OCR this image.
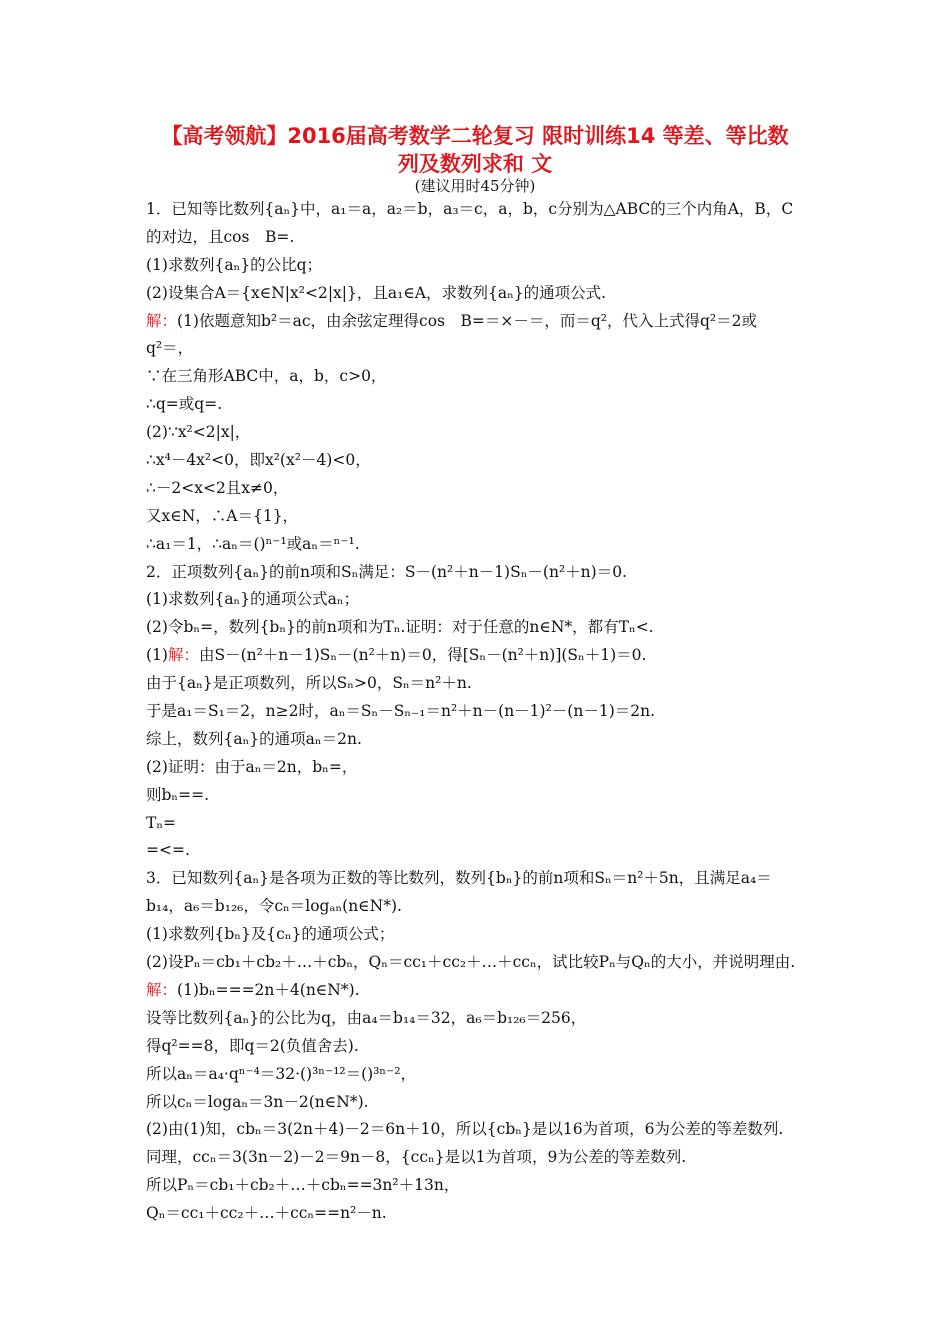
【高考领航】2016届高考数学二轮复习 限时训练14 等差、等比数
列及数列求和 文
(建议用时45分钟)
1．已知等比数列{aₙ}中，a₁＝a，a₂＝b，a₃＝c，a，b，c分别为△ABC的三个内角A，B，C
的对边，且cos　B=.
(1)求数列{aₙ}的公比q；
(2)设集合A＝{x∈N|x²<2|x|}，且a₁∈A，求数列{aₙ}的通项公式.
解：(1)依题意知b²＝ac，由余弦定理得cos　B=＝×－＝，而＝q²，代入上式得q²＝2或
q²＝，
∵在三角形ABC中，a，b，c>0，
∴q=或q=.
(2)∵x²<2|x|，
∴x⁴－4x²<0，即x²(x²－4)<0，
∴－2<x<2且x≠0，
又x∈N，∴A＝{1}，
∴a₁＝1，∴aₙ＝()ⁿ⁻¹或aₙ＝ⁿ⁻¹.
2．正项数列{aₙ}的前n项和Sₙ满足：S－(n²＋n－1)Sₙ－(n²＋n)＝0.
(1)求数列{aₙ}的通项公式aₙ；
(2)令bₙ=，数列{bₙ}的前n项和为Tₙ.证明：对于任意的n∈N*，都有Tₙ<.
(1)解：由S－(n²＋n－1)Sₙ－(n²＋n)＝0，得[Sₙ－(n²＋n)](Sₙ＋1)＝0.
由于{aₙ}是正项数列，所以Sₙ>0，Sₙ＝n²＋n.
于是a₁＝S₁＝2，n≥2时，aₙ＝Sₙ－Sₙ₋₁＝n²＋n－(n－1)²－(n－1)＝2n.
综上，数列{aₙ}的通项aₙ＝2n.
(2)证明：由于aₙ＝2n，bₙ=，
则bₙ==.
Tₙ=
=<=.
3．已知数列{aₙ}是各项为正数的等比数列，数列{bₙ}的前n项和Sₙ＝n²＋5n，且满足a₄＝
b₁₄，a₆＝b₁₂₆，令cₙ＝logₐₙ(n∈N*).
(1)求数列{bₙ}及{cₙ}的通项公式；
(2)设Pₙ＝cb₁＋cb₂＋…＋cbₙ，Qₙ＝cc₁＋cc₂＋…＋ccₙ，试比较Pₙ与Qₙ的大小，并说明理由.
解：(1)bₙ===2n＋4(n∈N*).
设等比数列{aₙ}的公比为q，由a₄＝b₁₄＝32，a₆＝b₁₂₆＝256，
得q²==8，即q＝2(负值舍去).
所以aₙ＝a₄·qⁿ⁻⁴＝32·()³ⁿ⁻¹²＝()³ⁿ⁻²，
所以cₙ＝logaₙ＝3n－2(n∈N*).
(2)由(1)知，cbₙ＝3(2n＋4)－2＝6n＋10，所以{cbₙ}是以16为首项，6为公差的等差数列.
同理，ccₙ＝3(3n－2)－2＝9n－8，{ccₙ}是以1为首项，9为公差的等差数列.
所以Pₙ＝cb₁＋cb₂＋…＋cbₙ==3n²＋13n，
Qₙ＝cc₁＋cc₂＋…＋ccₙ==n²－n.
